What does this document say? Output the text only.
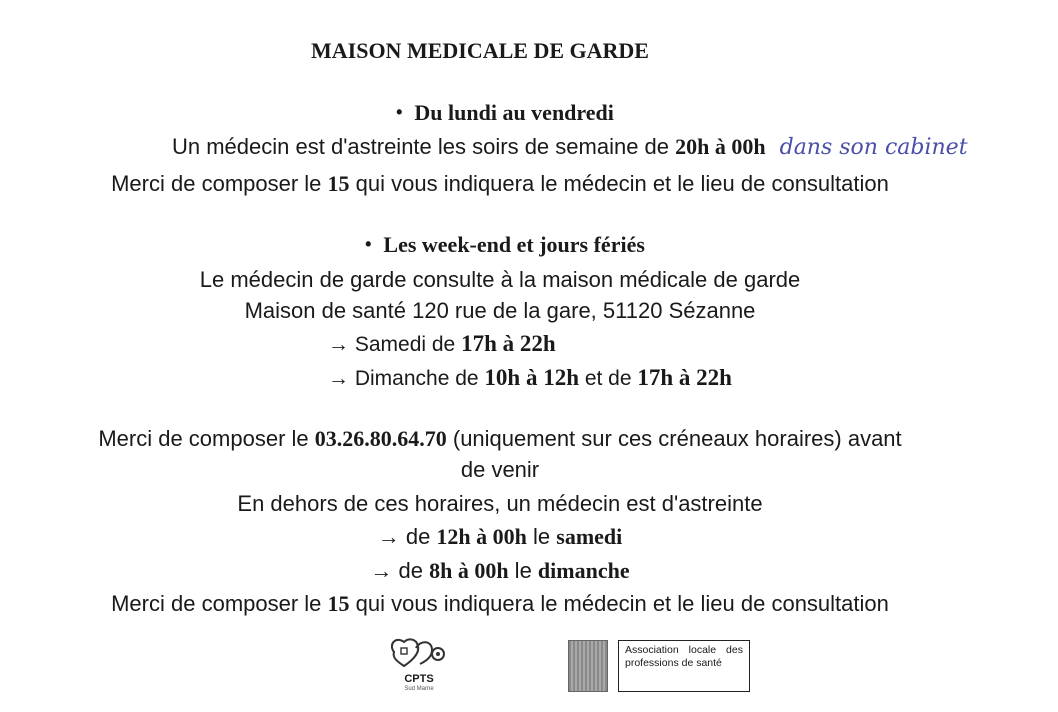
MAISON MEDICALE DE GARDE
• Du lundi au vendredi
Un médecin est d'astreinte les soirs de semaine de 20h à 00h dans son cabinet
Merci de composer le 15 qui vous indiquera le médecin et le lieu de consultation
• Les week-end et jours fériés
Le médecin de garde consulte à la maison médicale de garde
Maison de santé 120 rue de la gare, 51120 Sézanne
→ Samedi de 17h à 22h
→ Dimanche de 10h à 12h et de 17h à 22h
Merci de composer le 03.26.80.64.70 (uniquement sur ces créneaux horaires) avant
de venir
En dehors de ces horaires, un médecin est d'astreinte
→ de 12h à 00h le samedi
→ de 8h à 00h le dimanche
Merci de composer le 15 qui vous indiquera le médecin et le lieu de consultation
CPTS
Sud Marne
Association locale des professions de santé
